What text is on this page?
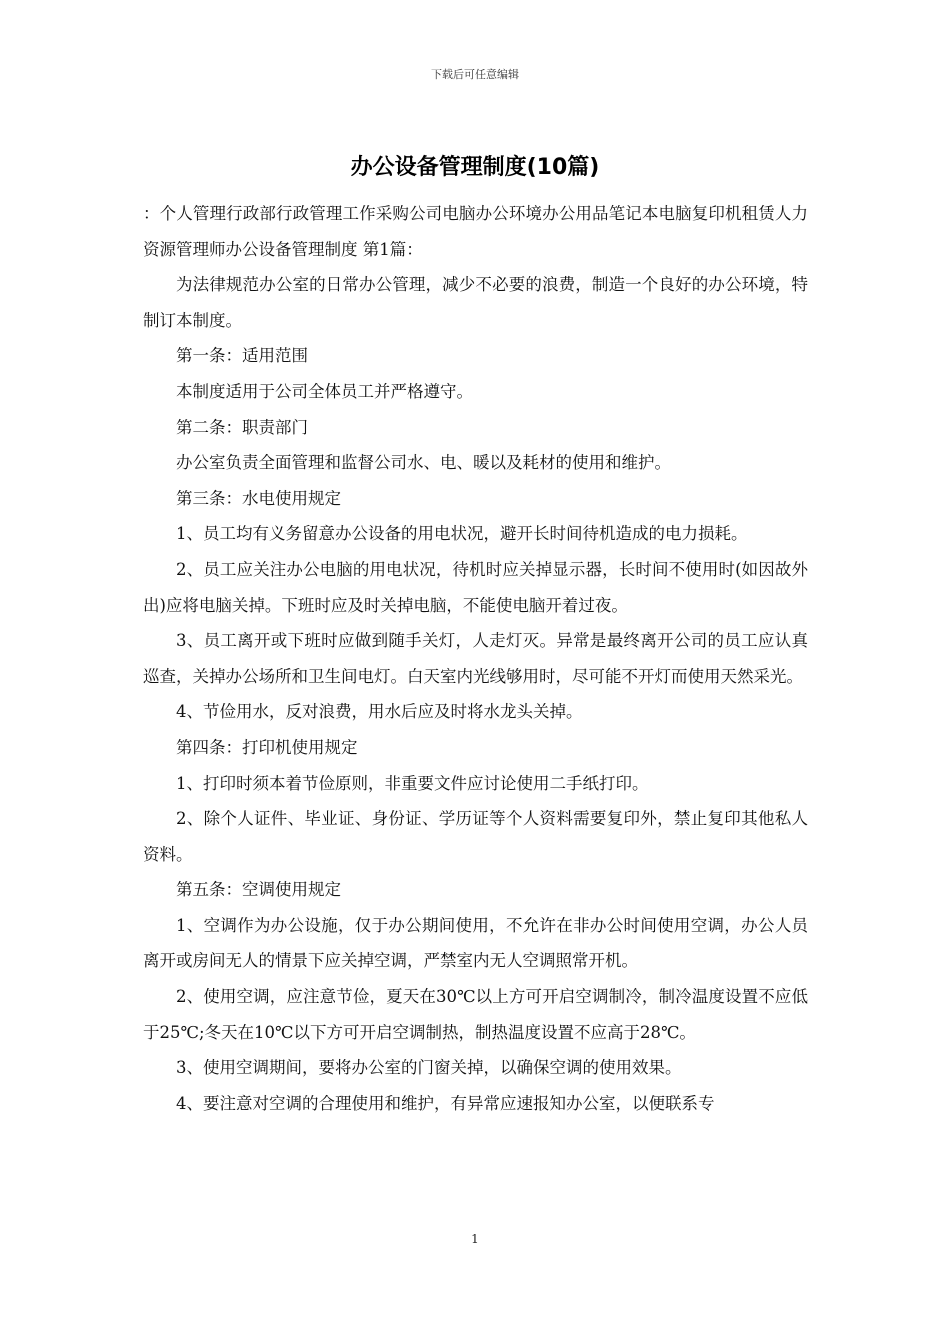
下载后可任意编辑
办公设备管理制度(10篇)

：个人管理行政部行政管理工作采购公司电脑办公环境办公用品笔记本电脑复印机租赁人力资源管理师办公设备管理制度 第1篇：

为法律规范办公室的日常办公管理，减少不必要的浪费，制造一个良好的办公环境，特制订本制度。

第一条：适用范围

本制度适用于公司全体员工并严格遵守。

第二条：职责部门

办公室负责全面管理和监督公司水、电、暖以及耗材的使用和维护。

第三条：水电使用规定

1、员工均有义务留意办公设备的用电状况，避开长时间待机造成的电力损耗。

2、员工应关注办公电脑的用电状况，待机时应关掉显示器，长时间不使用时(如因故外出)应将电脑关掉。下班时应及时关掉电脑，不能使电脑开着过夜。

3、员工离开或下班时应做到随手关灯，人走灯灭。异常是最终离开公司的员工应认真巡查，关掉办公场所和卫生间电灯。白天室内光线够用时，尽可能不开灯而使用天然采光。

4、节俭用水，反对浪费，用水后应及时将水龙头关掉。

第四条：打印机使用规定

1、打印时须本着节俭原则，非重要文件应讨论使用二手纸打印。

2、除个人证件、毕业证、身份证、学历证等个人资料需要复印外，禁止复印其他私人资料。

第五条：空调使用规定

1、空调作为办公设施，仅于办公期间使用，不允许在非办公时间使用空调，办公人员离开或房间无人的情景下应关掉空调，严禁室内无人空调照常开机。

2、使用空调，应注意节俭，夏天在30℃以上方可开启空调制冷，制冷温度设置不应低于25℃;冬天在10℃以下方可开启空调制热，制热温度设置不应高于28℃。

3、使用空调期间，要将办公室的门窗关掉，以确保空调的使用效果。

4、要注意对空调的合理使用和维护，有异常应速报知办公室，以便联系专

1
